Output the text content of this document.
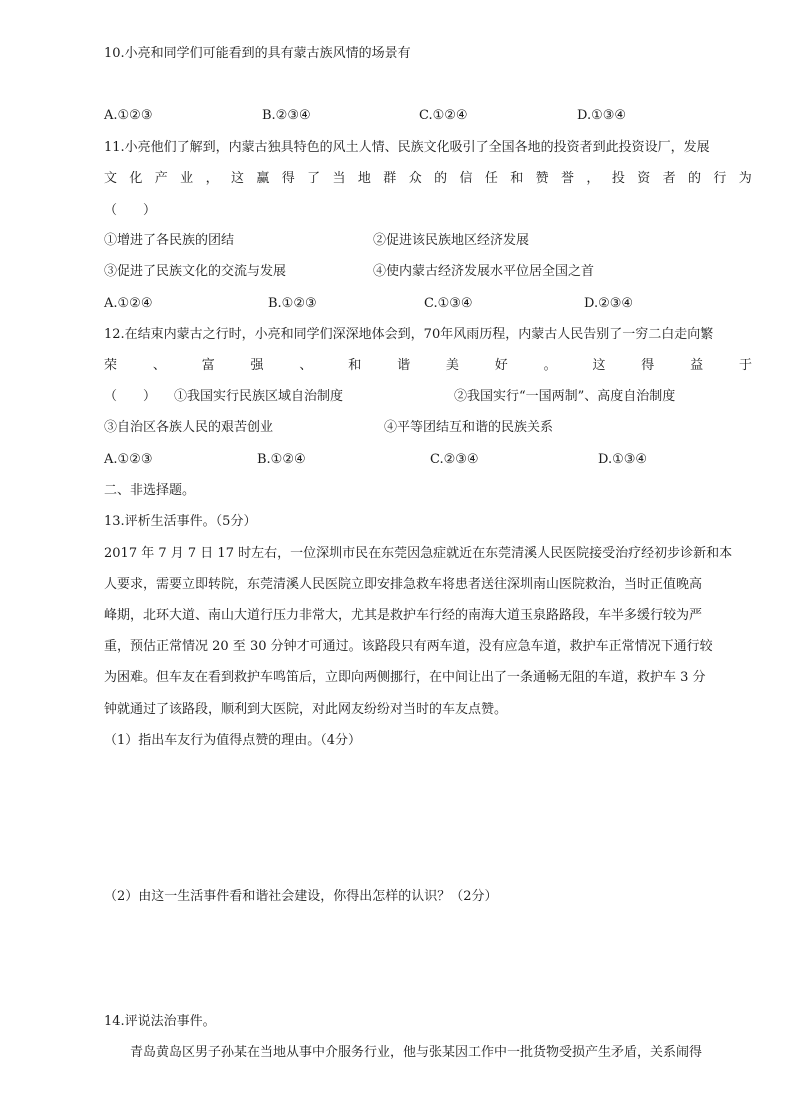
10.小亮和同学们可能看到的具有蒙古族风情的场景有
A.①②③	B.②③④	C.①②④	D.①③④
11.小亮他们了解到，内蒙古独具特色的风土人情、民族文化吸引了全国各地的投资者到此投资设厂，发展
文 化 产 业 ， 这 赢 得 了 当 地 群 众 的 信 任 和 赞 誉 ， 投 资 者 的 行 为
（　　）
①增进了各民族的团结	②促进该民族地区经济发展
③促进了民族文化的交流与发展	④使内蒙古经济发展水平位居全国之首
A.①②④	B.①②③	C.①③④	D.②③④
12.在结束内蒙古之行时，小亮和同学们深深地体会到，70年风雨历程，内蒙古人民告别了一穷二白走向繁
荣	、	富	强	、	和	谐	美	好	。	这	得	益	于
（　　） ①我国实行民族区域自治制度	②我国实行“一国两制”、高度自治制度
③自治区各族人民的艰苦创业	④平等团结互和谐的民族关系
A.①②③	B.①②④	C.②③④	D.①③④
二、非选择题。
13.评析生活事件。（5分）
2017 年 7 月 7 日 17 时左右，一位深圳市民在东莞因急症就近在东莞清溪人民医院接受治疗经初步诊新和本
人要求，需要立即转院，东莞清溪人民医院立即安排急救车将患者送往深圳南山医院救治，当时正值晚高
峰期，北环大道、南山大道行压力非常大，尤其是救护车行经的南海大道玉泉路路段，车半多缓行较为严
重，预估正常情况 20 至 30 分钟才可通过。该路段只有两车道，没有应急车道，救护车正常情况下通行较
为困难。但车友在看到救护车鸣笛后，立即向两侧挪行，在中间让出了一条通畅无阻的车道，救护车 3 分
钟就通过了该路段，顺利到大医院，对此网友纷纷对当时的车友点赞。
（1）指出车友行为值得点赞的理由。（4分）
（2）由这一生活事件看和谐社会建设，你得出怎样的认识？（2分）
14.评说法治事件。
青岛黄岛区男子孙某在当地从事中介服务行业，他与张某因工作中一批货物受损产生矛盾，关系闹得
